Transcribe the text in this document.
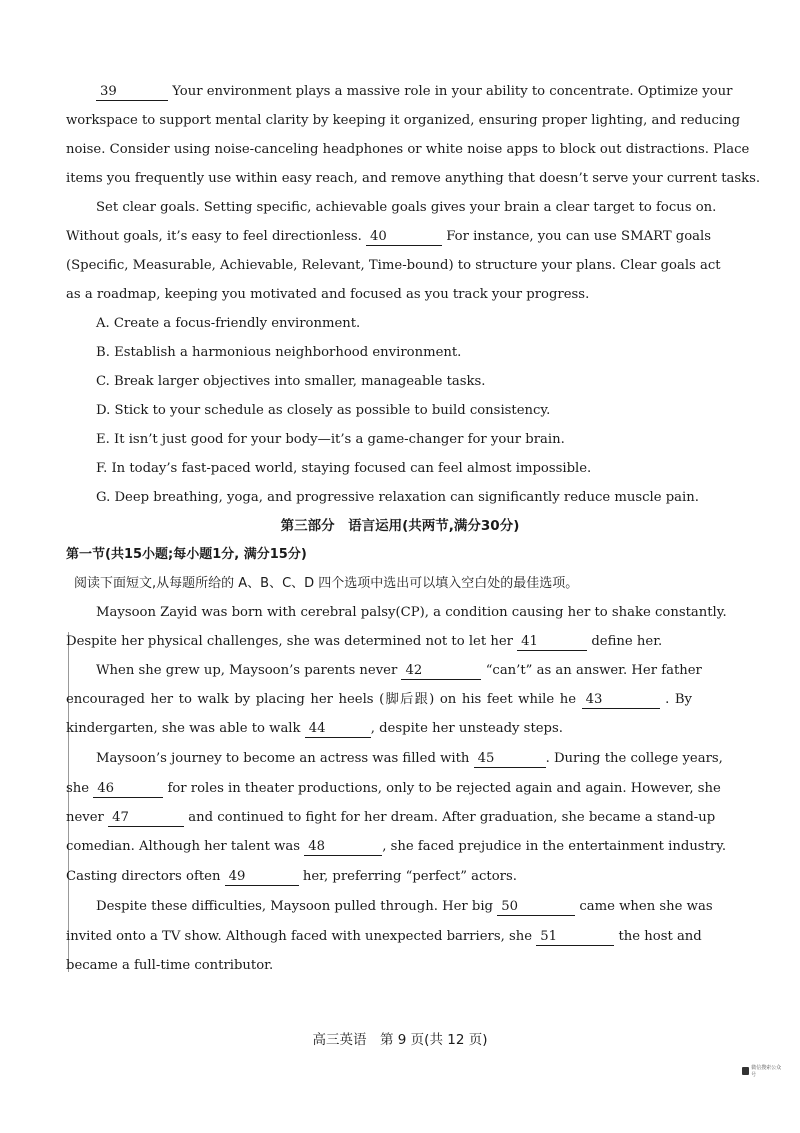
39	Your environment plays a massive role in your ability to concentrate. Optimize your
workspace to support mental clarity by keeping it organized, ensuring proper lighting, and reducing
noise. Consider using noise-canceling headphones or white noise apps to block out distractions. Place
items you frequently use within easy reach, and remove anything that doesn’t serve your current tasks.
Set clear goals. Setting specific, achievable goals gives your brain a clear target to focus on.
Without goals, it’s easy to feel directionless. 40	For instance, you can use SMART goals
(Specific, Measurable, Achievable, Relevant, Time-bound) to structure your plans. Clear goals act
as a roadmap, keeping you motivated and focused as you track your progress.
A. Create a focus-friendly environment.
B. Establish a harmonious neighborhood environment.
C. Break larger objectives into smaller, manageable tasks.
D. Stick to your schedule as closely as possible to build consistency.
E. It isn’t just good for your body—it’s a game-changer for your brain.
F. In today’s fast-paced world, staying focused can feel almost impossible.
G. Deep breathing, yoga, and progressive relaxation can significantly reduce muscle pain.
第三部分　语言运用(共两节,满分30分)
第一节(共15小题;每小题1分, 满分15分)
阅读下面短文,从每题所给的 A、B、C、D 四个选项中选出可以填入空白处的最佳选项。
Maysoon Zayid was born with cerebral palsy(CP), a condition causing her to shake constantly.
Despite her physical challenges, she was determined not to let her 41	define her.
When she grew up, Maysoon’s parents never 42	“can’t” as an answer. Her father
encouraged her to walk by placing her heels (脚后跟) on his feet while he 43	. By
kindergarten, she was able to walk 44	, despite her unsteady steps.
Maysoon’s journey to become an actress was filled with 45	. During the college years,
she 46	for roles in theater productions, only to be rejected again and again. However, she
never 47	and continued to fight for her dream. After graduation, she became a stand-up
comedian. Although her talent was 48	, she faced prejudice in the entertainment industry.
Casting directors often 49	her, preferring “perfect” actors.
Despite these difficulties, Maysoon pulled through. Her big 50	came when she was
invited onto a TV show. Although faced with unexpected barriers, she 51	the host and
became a full-time contributor.
高三英语　第 9 页(共 12 页)
微信搜索公众号
